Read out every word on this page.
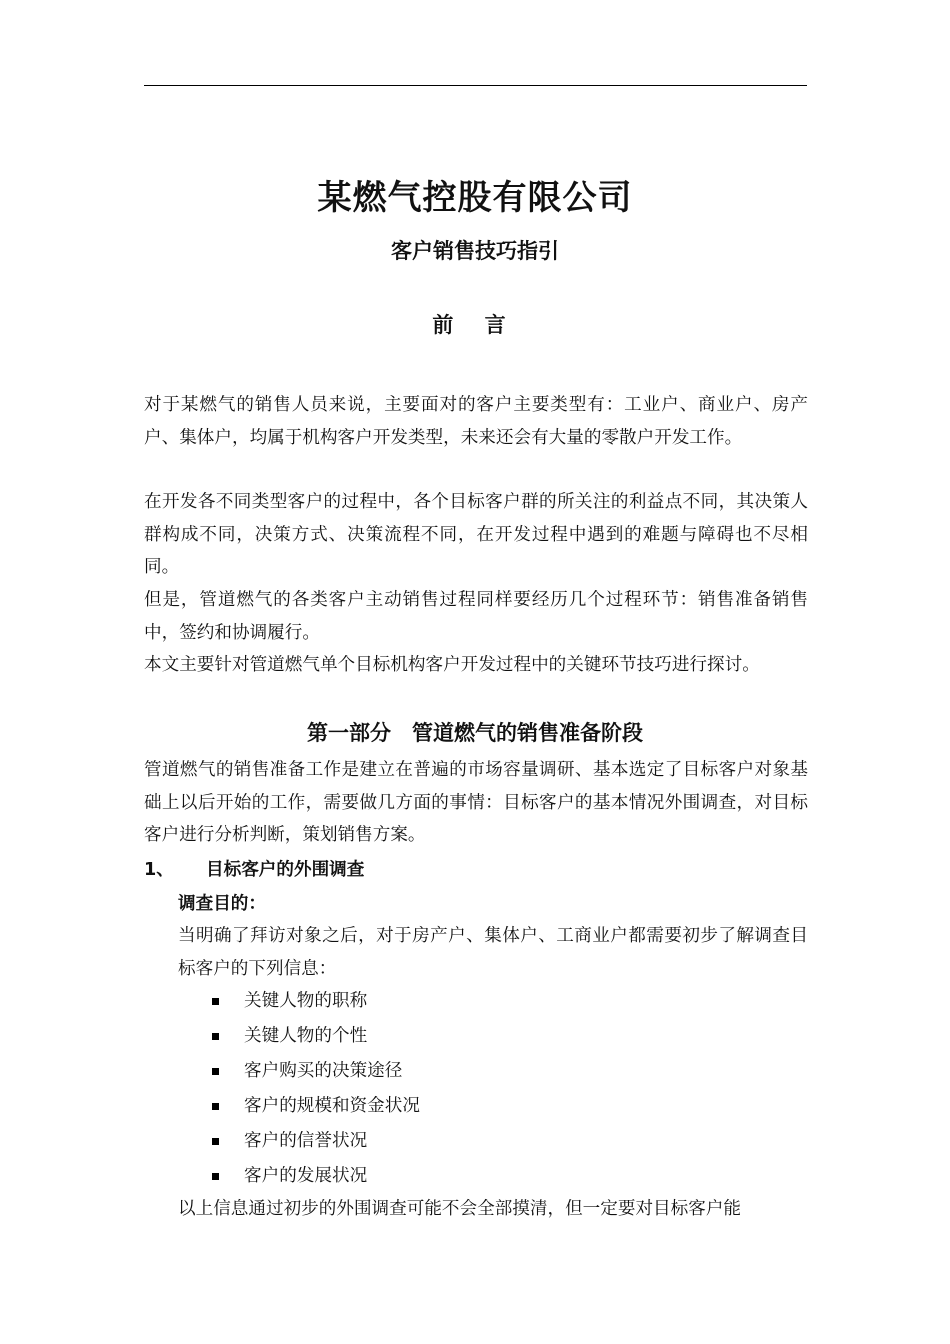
某燃气控股有限公司
客户销售技巧指引
前 言
对于某燃气的销售人员来说，主要面对的客户主要类型有：工业户、商业户、房产户、集体户，均属于机构客户开发类型，未来还会有大量的零散户开发工作。
在开发各不同类型客户的过程中，各个目标客户群的所关注的利益点不同，其决策人群构成不同，决策方式、决策流程不同，在开发过程中遇到的难题与障碍也不尽相同。
但是，管道燃气的各类客户主动销售过程同样要经历几个过程环节：销售准备销售中，签约和协调履行。
本文主要针对管道燃气单个目标机构客户开发过程中的关键环节技巧进行探讨。
第一部分　管道燃气的销售准备阶段
管道燃气的销售准备工作是建立在普遍的市场容量调研、基本选定了目标客户对象基础上以后开始的工作，需要做几方面的事情：目标客户的基本情况外围调查，对目标客户进行分析判断，策划销售方案。
1、 目标客户的外围调查
调查目的：
当明确了拜访对象之后，对于房产户、集体户、工商业户都需要初步了解调查目标客户的下列信息：
关键人物的职称
关键人物的个性
客户购买的决策途径
客户的规模和资金状况
客户的信誉状况
客户的发展状况
以上信息通过初步的外围调查可能不会全部摸清，但一定要对目标客户能
